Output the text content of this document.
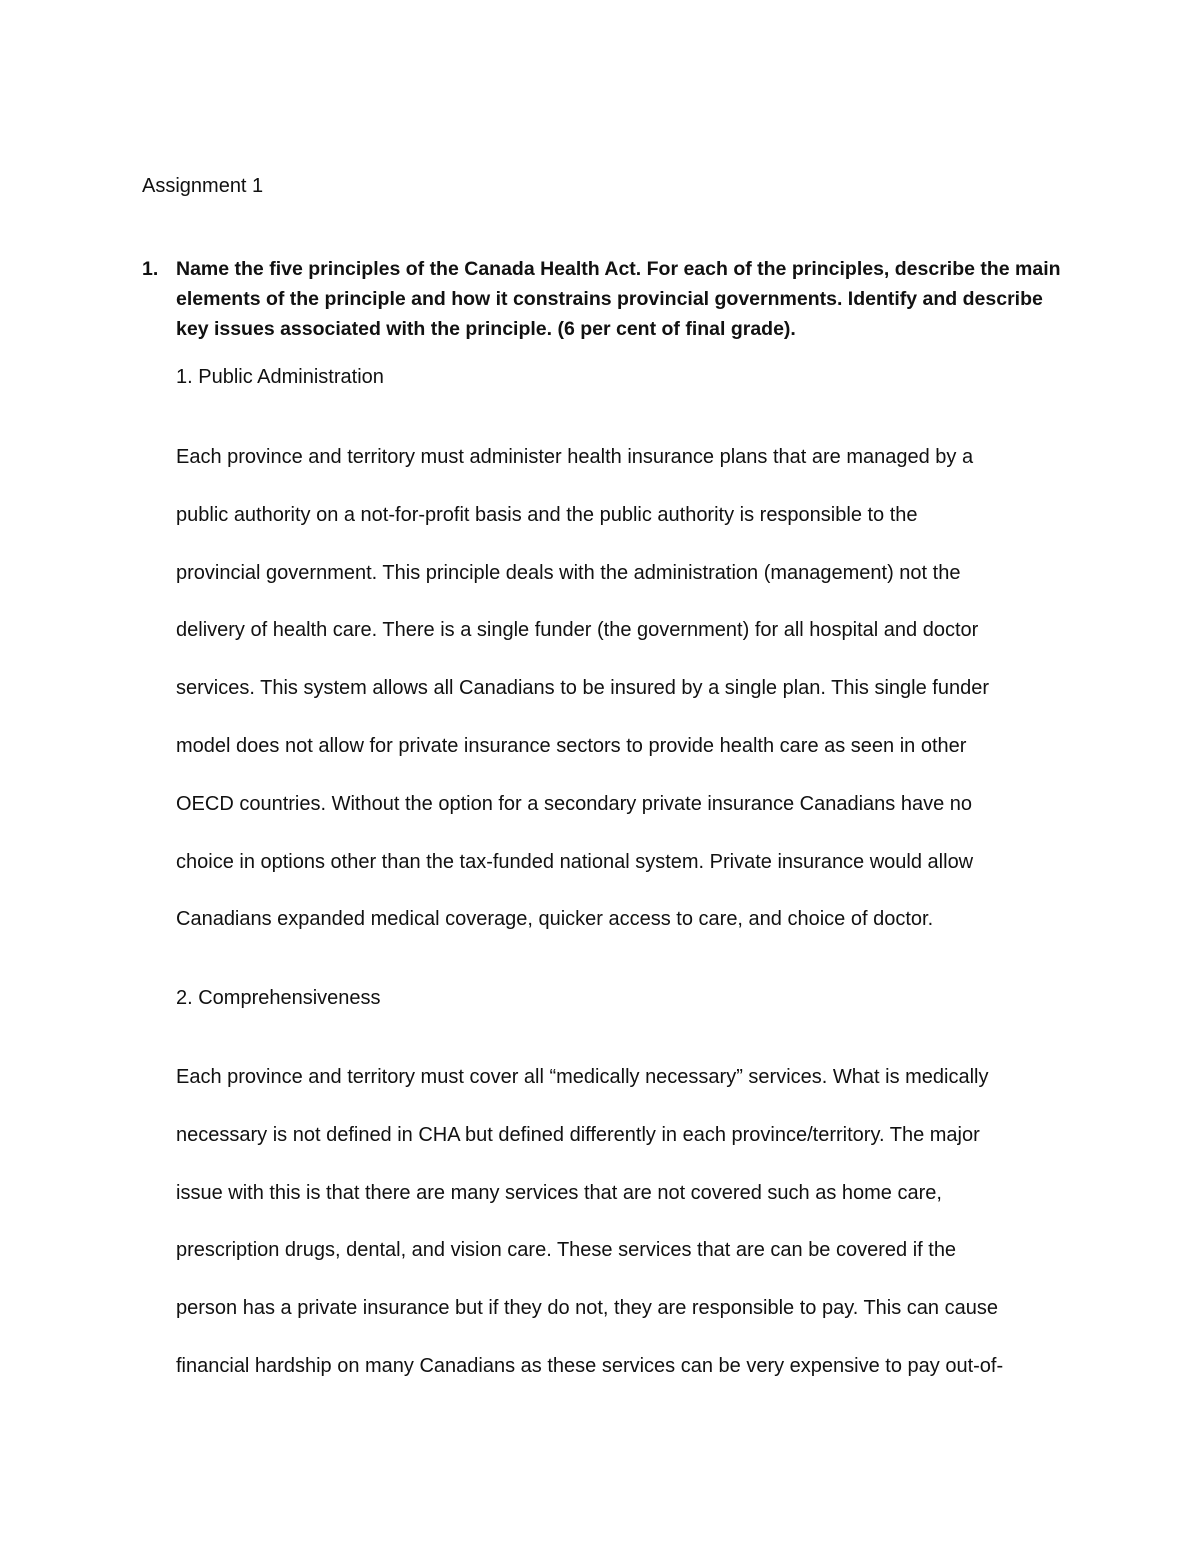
Assignment 1

1. Name the five principles of the Canada Health Act. For each of the principles, describe the main elements of the principle and how it constrains provincial governments. Identify and describe key issues associated with the principle. (6 per cent of final grade).

1. Public Administration
Each province and territory must administer health insurance plans that are managed by a
public authority on a not-for-profit basis and the public authority is responsible to the
provincial government. This principle deals with the administration (management) not the
delivery of health care. There is a single funder (the government) for all hospital and doctor
services. This system allows all Canadians to be insured by a single plan. This single funder
model does not allow for private insurance sectors to provide health care as seen in other
OECD countries. Without the option for a secondary private insurance Canadians have no
choice in options other than the tax-funded national system. Private insurance would allow
Canadians expanded medical coverage, quicker access to care, and choice of doctor.
2. Comprehensiveness
Each province and territory must cover all “medically necessary” services. What is medically
necessary is not defined in CHA but defined differently in each province/territory. The major
issue with this is that there are many services that are not covered such as home care,
prescription drugs, dental, and vision care. These services that are can be covered if the
person has a private insurance but if they do not, they are responsible to pay. This can cause
financial hardship on many Canadians as these services can be very expensive to pay out-of-
